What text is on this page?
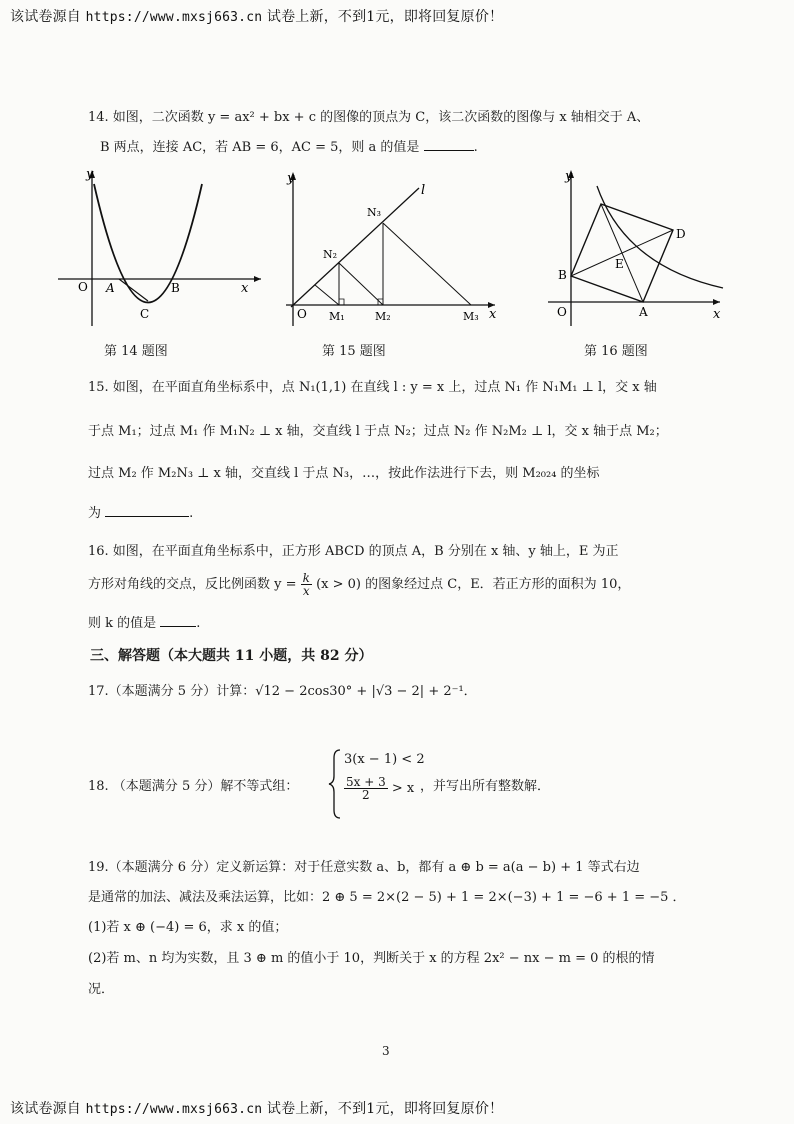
该试卷源自 https://www.mxsj663.cn 试卷上新，不到1元，即将回复原价！
14. 如图，二次函数 y = ax² + bx + c 的图像的顶点为 C，该二次函数的图像与 x 轴相交于 A、
B 两点，连接 AC，若 AB = 6，AC = 5，则 a 的值是	.
y
x
O A	B
C
第 14 题图
y
x
O
l
N₃
N₂
M₁	M₂	M₃
第 15 题图
y
x
O	A
B
D
E
第 16 题图
15. 如图，在平面直角坐标系中，点 N₁(1,1) 在直线 l : y = x 上，过点 N₁ 作 N₁M₁ ⊥ l，交 x 轴
于点 M₁；过点 M₁ 作 M₁N₂ ⊥ x 轴，交直线 l 于点 N₂；过点 N₂ 作 N₂M₂ ⊥ l，交 x 轴于点 M₂；
过点 M₂ 作 M₂N₃ ⊥ x 轴，交直线 l 于点 N₃，…，按此作法进行下去，则 M₂₀₂₄ 的坐标
为	.
16. 如图，在平面直角坐标系中，正方形 ABCD 的顶点 A，B 分别在 x 轴、y 轴上，E 为正
方形对角线的交点，反比例函数 $y = \frac{k}{x} (x > 0)$ 的图象经过点 C，E．若正方形的面积为 10，
则 k 的值是	.
三、解答题（本大题共 11 小题，共 82 分）
17.（本题满分 5 分）计算：√12 − 2cos30° + |√3 − 2| + 2⁻¹．
18. （本题满分 5 分）解不等式组：
3(x − 1) < 2
$\frac{5x + 3}{2} > x$ ，并写出所有整数解．
19.（本题满分 6 分）定义新运算：对于任意实数 a、b，都有 a ⊕ b = a(a − b) + 1 等式右边
是通常的加法、减法及乘法运算，比如：2 ⊕ 5 = 2×(2 − 5) + 1 = 2×(−3) + 1 = −6 + 1 = −5 ．
(1)若 x ⊕ (−4) = 6，求 x 的值；
(2)若 m、n 均为实数，且 3 ⊕ m 的值小于 10，判断关于 x 的方程 2x² − nx − m = 0 的根的情
况．
3
该试卷源自 https://www.mxsj663.cn 试卷上新，不到1元，即将回复原价！
